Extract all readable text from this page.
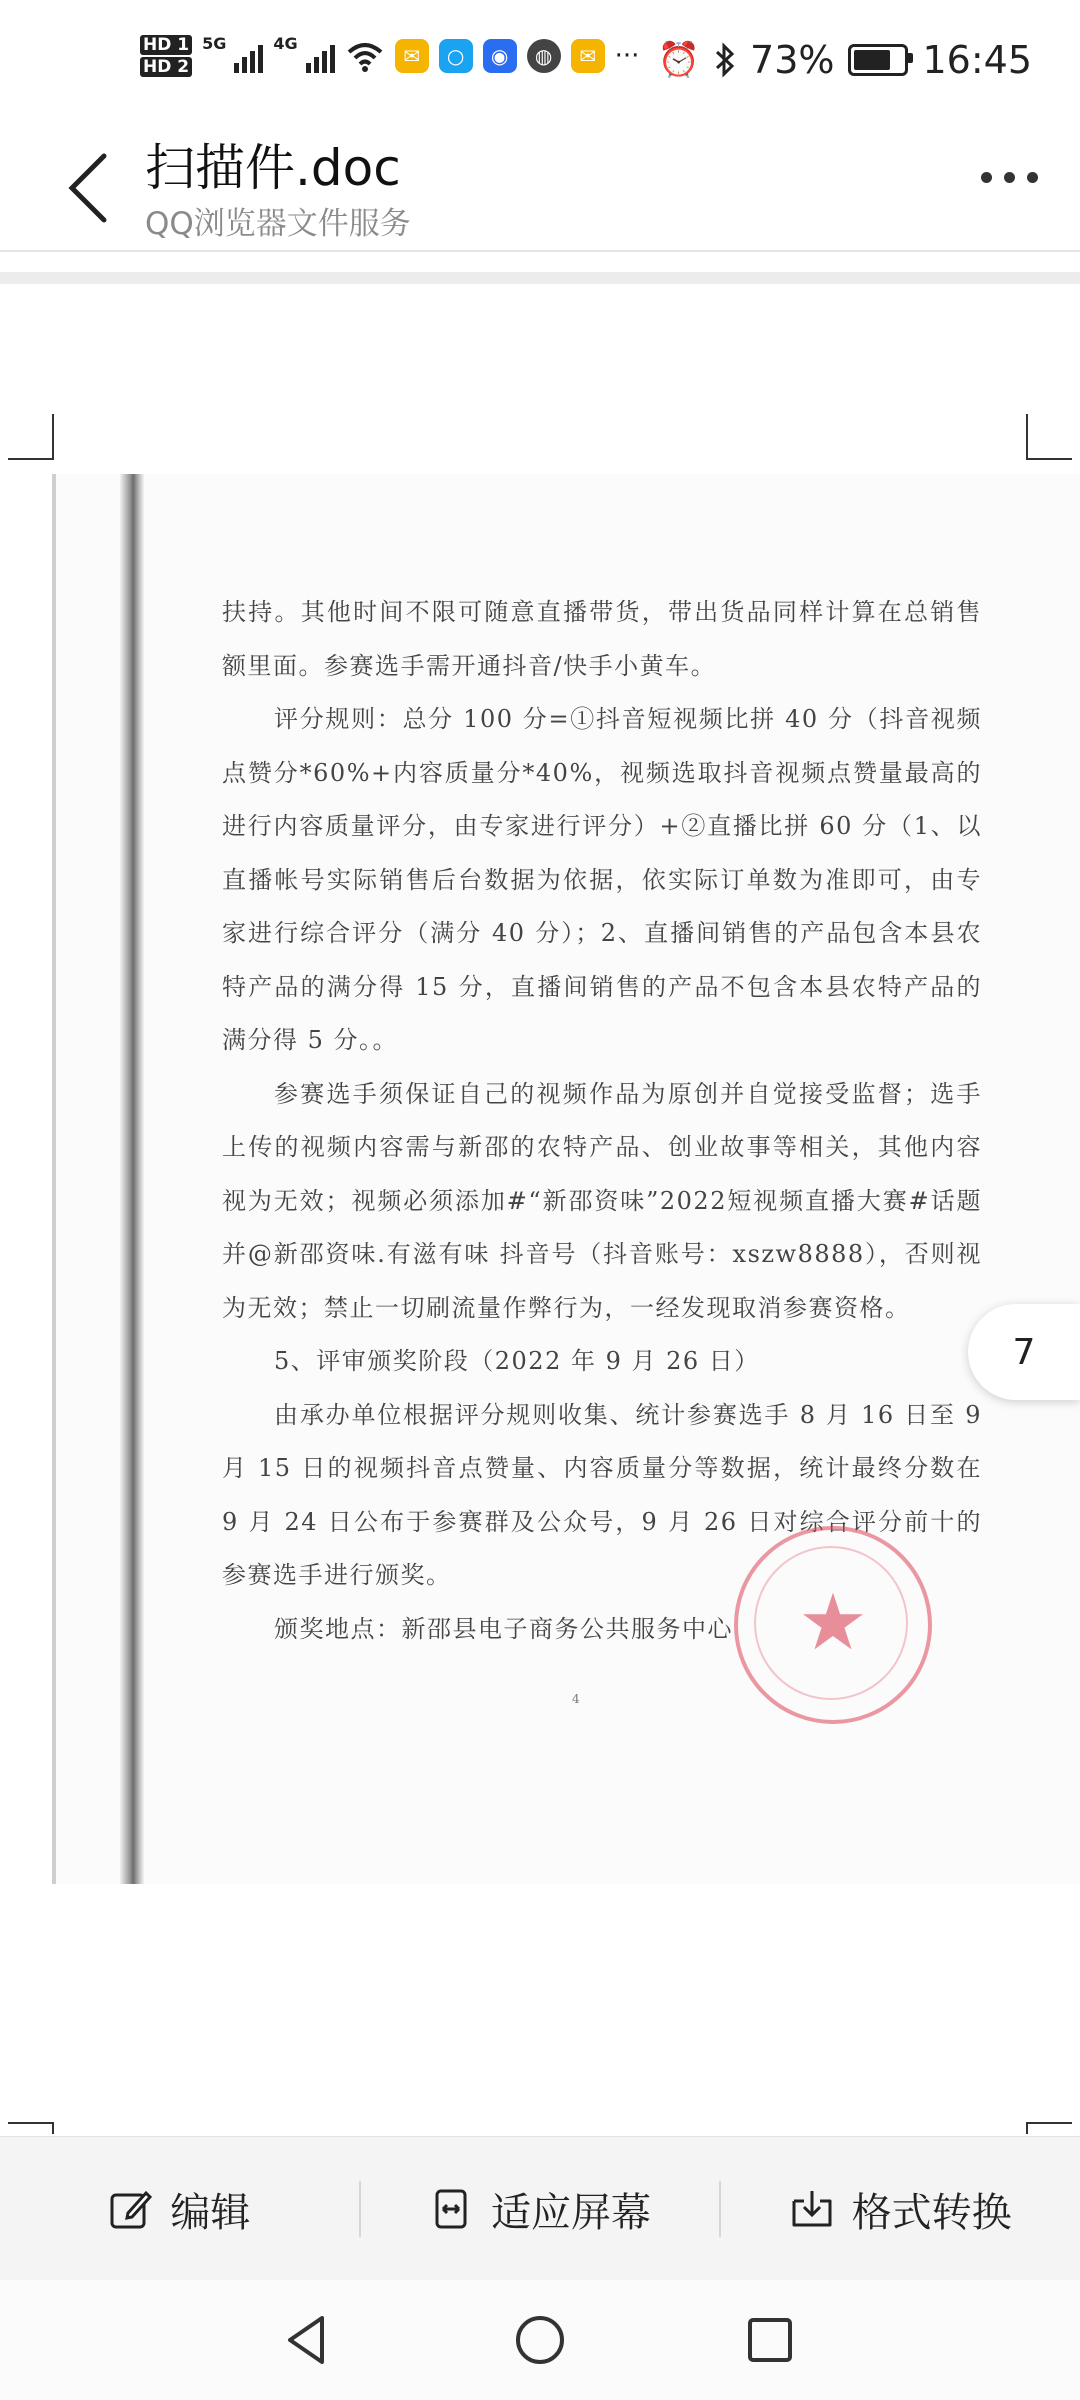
HD 1
HD 2
5G	4G
✉	○	◉	◍	✉ ··· ⏰ 73% 16:45
扫描件.doc
QQ浏览器文件服务

扶持。其他时间不限可随意直播带货，带出货品同样计算在总销售额里面。参赛选手需开通抖音/快手小黄车。

评分规则：总分 100 分=①抖音短视频比拼 40 分（抖音视频点赞分*60%+内容质量分*40%，视频选取抖音视频点赞量最高的进行内容质量评分，由专家进行评分）+②直播比拼 60 分（1、以直播帐号实际销售后台数据为依据，依实际订单数为准即可，由专家进行综合评分（满分 40 分）；2、直播间销售的产品包含本县农特产品的满分得 15 分，直播间销售的产品不包含本县农特产品的满分得 5 分。。

参赛选手须保证自己的视频作品为原创并自觉接受监督；选手上传的视频内容需与新邵的农特产品、创业故事等相关，其他内容视为无效；视频必须添加#“新邵资味”2022短视频直播大赛#话题并@新邵资味.有滋有味 抖音号（抖音账号：xszw8888），否则视为无效；禁止一切刷流量作弊行为，一经发现取消参赛资格。

5、评审颁奖阶段（2022 年 9 月 26 日）

由承办单位根据评分规则收集、统计参赛选手 8 月 16 日至 9 月 15 日的视频抖音点赞量、内容质量分等数据，统计最终分数在 9 月 24 日公布于参赛群及公众号，9 月 26 日对综合评分前十的参赛选手进行颁奖。

颁奖地点：新邵县电子商务公共服务中心 ★
4
7
编辑	适应屏幕	格式转换
